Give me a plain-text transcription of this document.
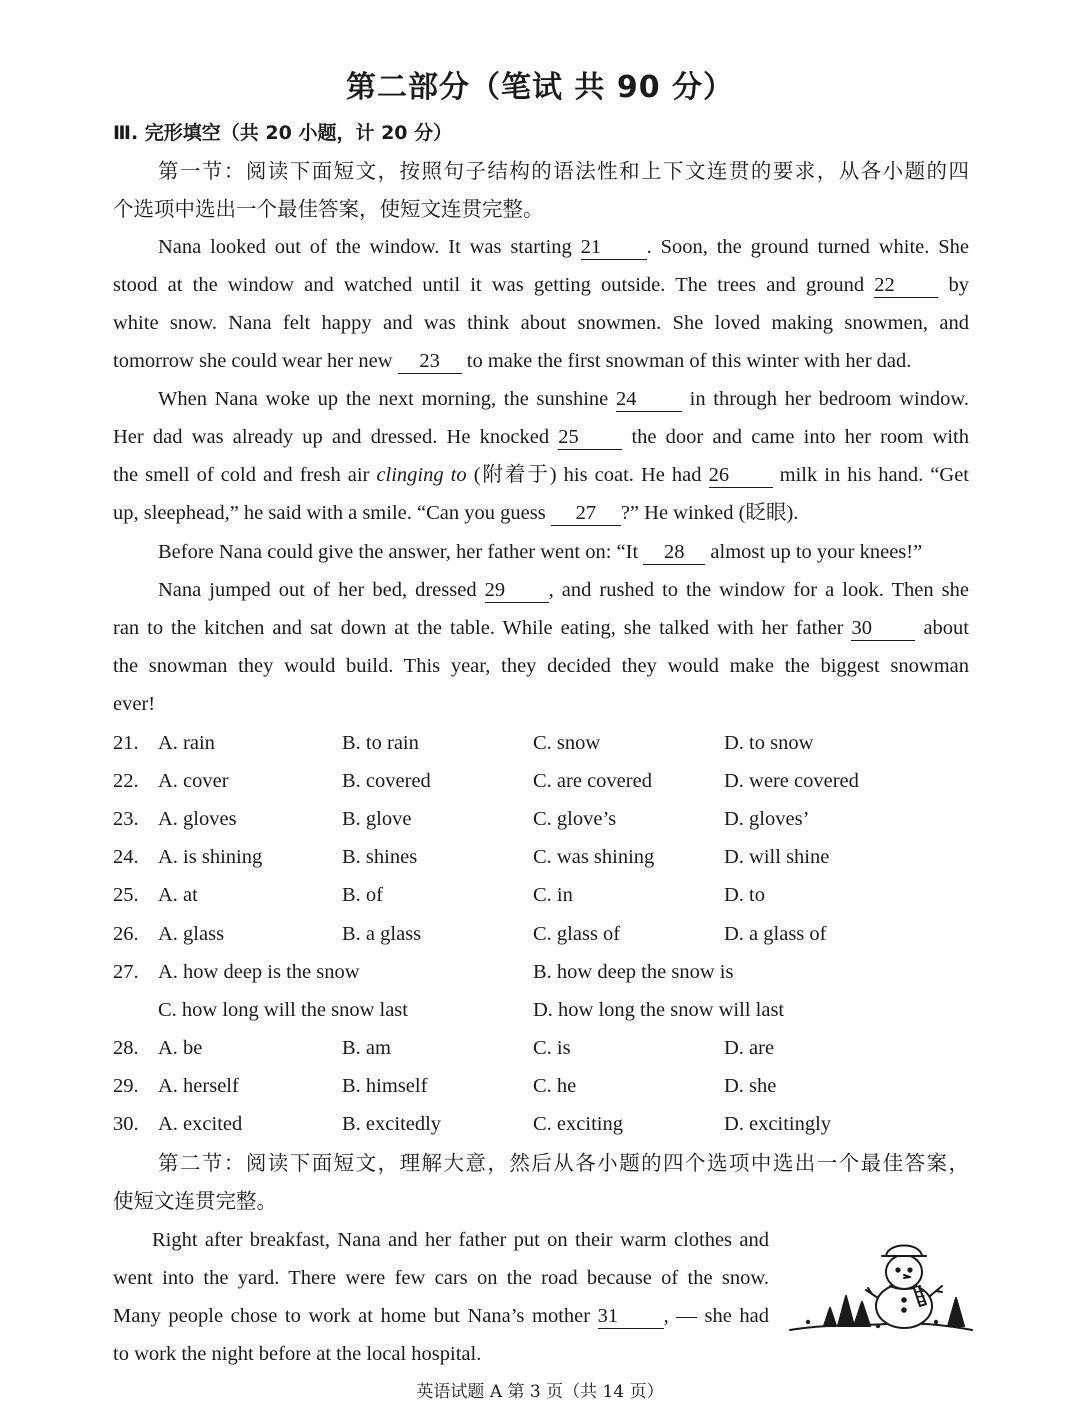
第二部分（笔试 共 90 分）
Ⅲ. 完形填空（共 20 小题，计 20 分）
第一节：阅读下面短文，按照句子结构的语法性和上下文连贯的要求，从各小题的四
个选项中选出一个最佳答案，使短文连贯完整。
Nana looked out of the window. It was starting 21 . Soon, the ground turned white. She
stood at the window and watched until it was getting outside. The trees and ground 22 by
white snow. Nana felt happy and was think about snowmen. She loved making snowmen, and
tomorrow she could wear her new 23 to make the first snowman of this winter with her dad.
When Nana woke up the next morning, the sunshine 24 in through her bedroom window.
Her dad was already up and dressed. He knocked 25 the door and came into her room with
the smell of cold and fresh air clinging to (附着于) his coat. He had 26 milk in his hand. “Get
up, sleephead,” he said with a smile. “Can you guess 27 ?” He winked (眨眼).
Before Nana could give the answer, her father went on: “It 28 almost up to your knees!”
Nana jumped out of her bed, dressed 29 , and rushed to the window for a look. Then she
ran to the kitchen and sat down at the table. While eating, she talked with her father 30 about
the snowman they would build. This year, they decided they would make the biggest snowman
ever!
21. A. rain	B. to rain	C. snow	D. to snow
22. A. cover	B. covered	C. are covered	D. were covered
23. A. gloves	B. glove	C. glove’s	D. gloves’
24. A. is shining	B. shines	C. was shining	D. will shine
25. A. at	B. of	C. in	D. to
26. A. glass	B. a glass	C. glass of	D. a glass of
27. A. how deep is the snow	B. how deep the snow is
C. how long will the snow last	D. how long the snow will last
28. A. be	B. am	C. is	D. are
29. A. herself	B. himself	C. he	D. she
30. A. excited	B. excitedly	C. exciting	D. excitingly
第二节：阅读下面短文，理解大意，然后从各小题的四个选项中选出一个最佳答案，
使短文连贯完整。
Right after breakfast, Nana and her father put on their warm clothes and
went into the yard. There were few cars on the road because of the snow.
Many people chose to work at home but Nana’s mother 31 , — she had
to work the night before at the local hospital.
英语试题 A 第 3 页（共 14 页）
